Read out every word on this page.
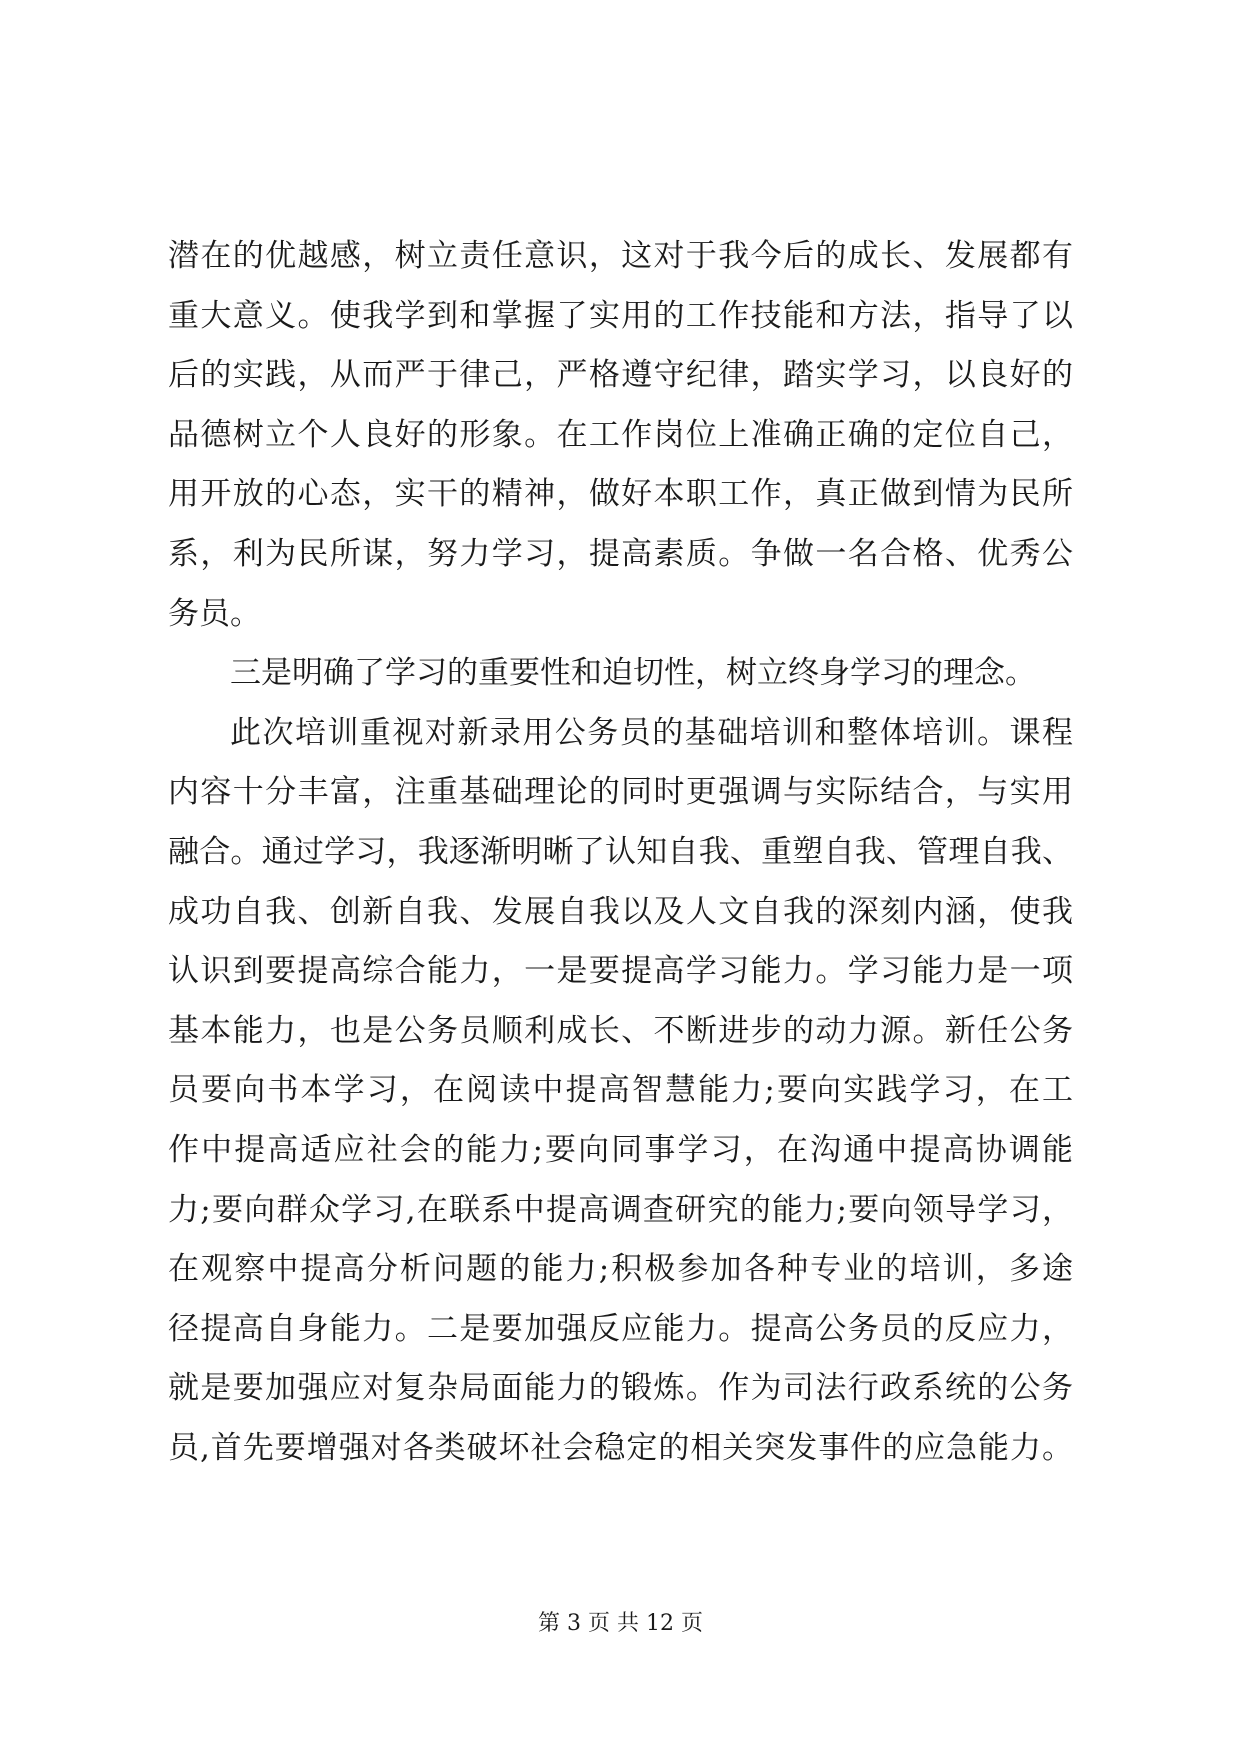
潜在的优越感，树立责任意识，这对于我今后的成长、发展都有
重大意义。使我学到和掌握了实用的工作技能和方法，指导了以
后的实践，从而严于律己，严格遵守纪律，踏实学习，以良好的
品德树立个人良好的形象。在工作岗位上准确正确的定位自己，
用开放的心态，实干的精神，做好本职工作，真正做到情为民所
系，利为民所谋，努力学习，提高素质。争做一名合格、优秀公
务员。
三是明确了学习的重要性和迫切性，树立终身学习的理念。
此次培训重视对新录用公务员的基础培训和整体培训。课程
内容十分丰富，注重基础理论的同时更强调与实际结合，与实用
融合。通过学习，我逐渐明晰了认知自我、重塑自我、管理自我、
成功自我、创新自我、发展自我以及人文自我的深刻内涵，使我
认识到要提高综合能力，一是要提高学习能力。学习能力是一项
基本能力，也是公务员顺利成长、不断进步的动力源。新任公务
员要向书本学习，在阅读中提高智慧能力;要向实践学习，在工
作中提高适应社会的能力;要向同事学习，在沟通中提高协调能
力;要向群众学习,在联系中提高调查研究的能力;要向领导学习，
在观察中提高分析问题的能力;积极参加各种专业的培训，多途
径提高自身能力。二是要加强反应能力。提高公务员的反应力，
就是要加强应对复杂局面能力的锻炼。作为司法行政系统的公务
员,首先要增强对各类破坏社会稳定的相关突发事件的应急能力。
第 3 页 共 12 页
